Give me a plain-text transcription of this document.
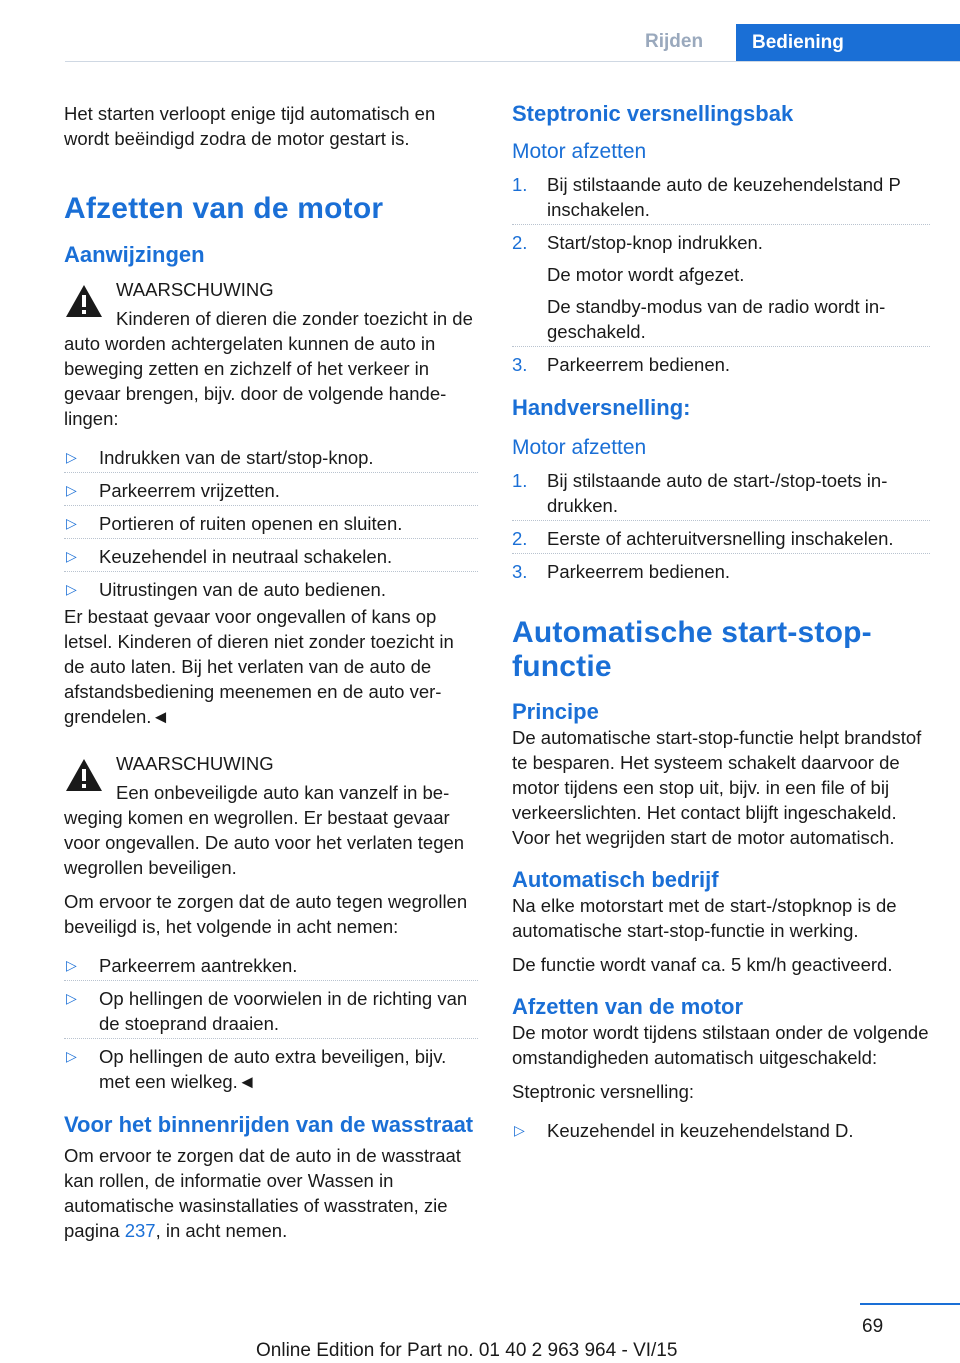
Rijden	Bediening

Het starten verloopt enige tijd automatisch en wordt beëindigd zodra de motor gestart is.

Afzetten van de motor
Aanwijzingen
WAARSCHUWING

Kinderen of dieren die zonder toezicht in de auto worden achtergelaten kunnen de auto in beweging zetten en zichzelf of het verkeer in gevaar brengen, bijv. door de volgende handelingen:

▷ Indrukken van de start/stop-knop.
▷ Parkeerrem vrijzetten.
▷ Portieren of ruiten openen en sluiten.
▷ Keuzehendel in neutraal schakelen.
▷ Uitrustingen van de auto bedienen.

Er bestaat gevaar voor ongevallen of kans op letsel. Kinderen of dieren niet zonder toezicht in de auto laten. Bij het verlaten van de auto de afstandsbediening meenemen en de auto vergrendelen.◄

WAARSCHUWING

Een onbeveiligde auto kan vanzelf in beweging komen en wegrollen. Er bestaat gevaar voor ongevallen. De auto voor het verlaten tegen wegrollen beveiligen.

Om ervoor te zorgen dat de auto tegen wegrollen beveiligd is, het volgende in acht nemen:

▷ Parkeerrem aantrekken.
▷ Op hellingen de voorwielen in de richting van de stoeprand draaien.
▷ Op hellingen de auto extra beveiligen, bijv. met een wielkeg.◄
Voor het binnenrijden van de wasstraat

Om ervoor te zorgen dat de auto in de wasstraat kan rollen, de informatie over Wassen in automatische wasinstallaties of wasstraten, zie pagina 237, in acht nemen.

Steptronic versnellingsbak
Motor afzetten
1. Bij stilstaande auto de keuzehendelstand P inschakelen.
2. Start/stop-knop indrukken.
De motor wordt afgezet.
De standby-modus van de radio wordt ingeschakeld.
3. Parkeerrem bedienen.
Handversnelling:
Motor afzetten
1. Bij stilstaande auto de start-/stop-toets indrukken.
2. Eerste of achteruitversnelling inschakelen.
3. Parkeerrem bedienen.
Automatische start-stop-functie
Principe

De automatische start-stop-functie helpt brandstof te besparen. Het systeem schakelt daarvoor de motor tijdens een stop uit, bijv. in een file of bij verkeerslichten. Het contact blijft ingeschakeld. Voor het wegrijden start de motor automatisch.

Automatisch bedrijf

Na elke motorstart met de start-/stopknop is de automatische start-stop-functie in werking.

De functie wordt vanaf ca. 5 km/h geactiveerd.

Afzetten van de motor

De motor wordt tijdens stilstaan onder de volgende omstandigheden automatisch uitgeschakeld:

Steptronic versnelling:

▷ Keuzehendel in keuzehendelstand D.
69
Online Edition for Part no. 01 40 2 963 964 - VI/15
